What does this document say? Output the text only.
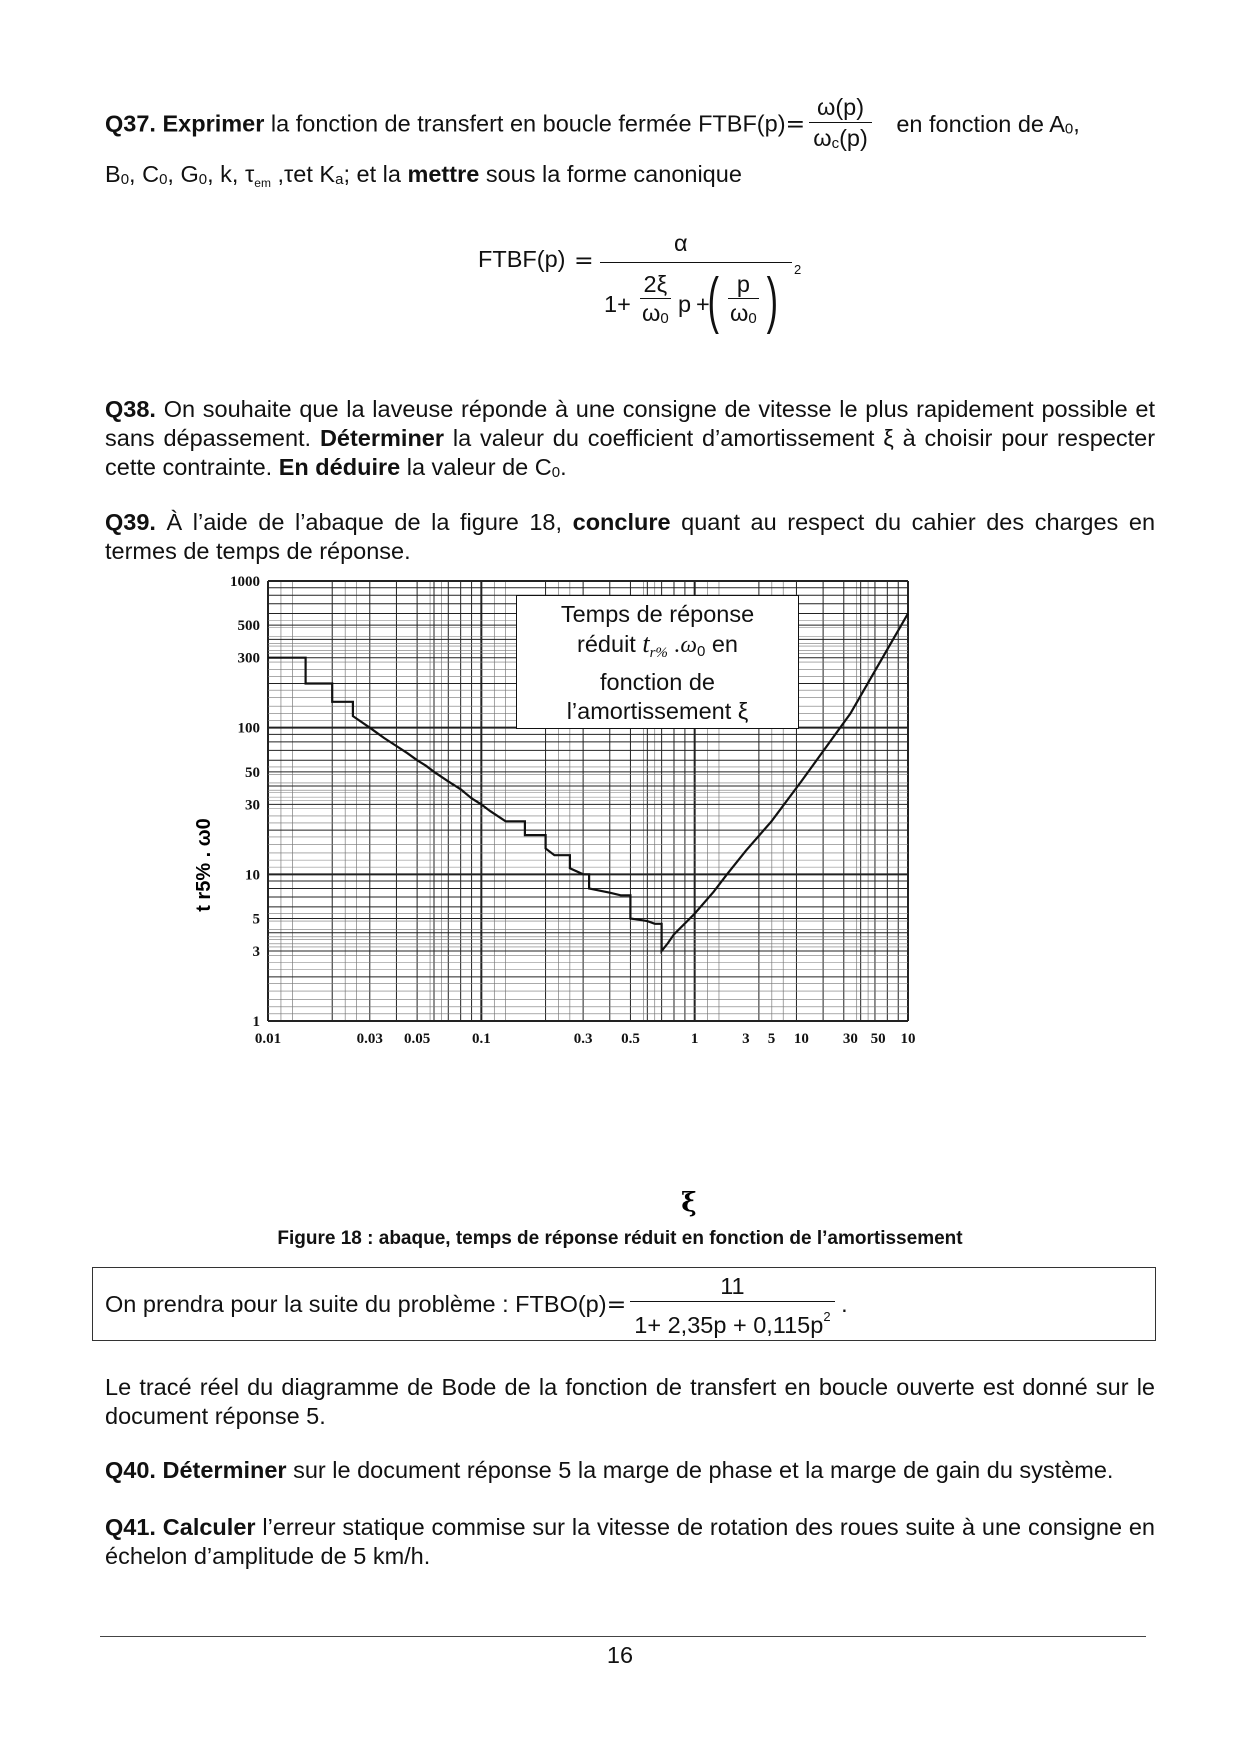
Q37. Exprimer la fonction de transfert en boucle fermée FTBF(p)= $\frac{\omega(p)}{\omega c(p)}$ en fonction de A0,
B0, C0, G0, k, $\tau_{em}$ ,τet Ka; et la mettre sous la forme canonique
FTBF(p) =
α
$1+ \frac{2\xi}{\omega 0}$ p +
( $\frac{p}{\omega 0}$ ) 2
Q38. On souhaite que la laveuse réponde à une consigne de vitesse le plus rapidement possible et sans dépassement. Déterminer la valeur du coefficient d’amortissement ξ à choisir pour respecter cette contrainte. En déduire la valeur de C0.
Q39. À l’aide de l’abaque de la figure 18, conclure quant au respect du cahier des charges en termes de temps de réponse.
0.01	0.03 0.05	0.1	0.3 0.5	1	3 5 10 30 50 10
1
3
5
10
30
50
100
300
500
1000
ξ
t r5% . ω0
Temps de réponse
réduit $t_{r\%}$ .ω0 en
fonction de
l’amortissement ξ
Figure 18 : abaque, temps de réponse réduit en fonction de l’amortissement
On prendra pour la suite du problème : FTBO(p)= $\frac{11}{1+ 2,35p + 0,115p^2}$ .
Le tracé réel du diagramme de Bode de la fonction de transfert en boucle ouverte est donné sur le document réponse 5.
Q40. Déterminer sur le document réponse 5 la marge de phase et la marge de gain du système.
Q41. Calculer l’erreur statique commise sur la vitesse de rotation des roues suite à une consigne en échelon d’amplitude de 5 km/h.
16
